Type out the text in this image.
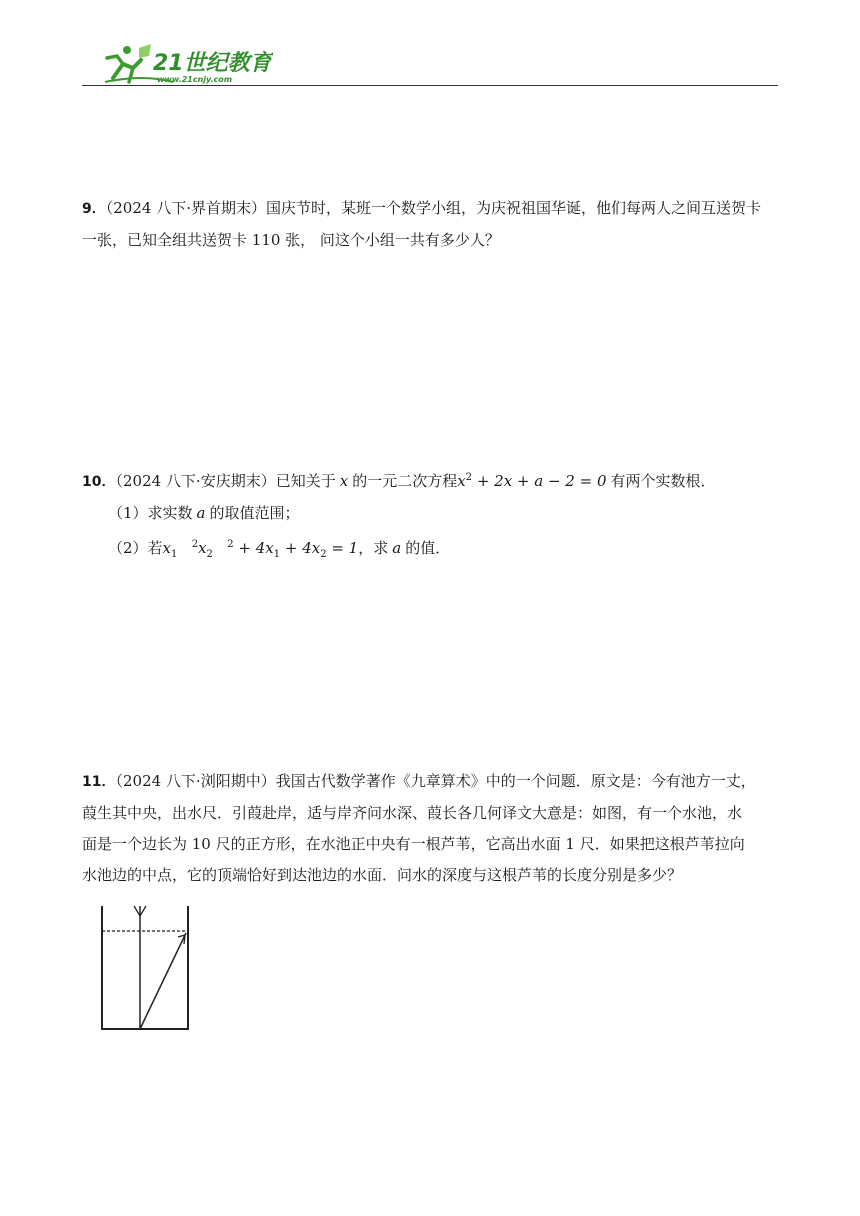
21世纪教育
www.21cnjy.com

9．（2024 八下·界首期末）国庆节时，某班一个数学小组，为庆祝祖国华诞，他们每两人之间互送贺卡

一张，已知全组共送贺卡 110 张， 问这个小组一共有多少人？

10．（2024 八下·安庆期末）已知关于 x 的一元二次方程$x^2 + 2x + a - 2 = 0$ 有两个实数根．

（1）求实数 a 的取值范围；

（2）若$x_1$   $^2x_2$   $^2 + 4x_1 + 4x_2 = 1$，求 a 的值．

11．（2024 八下·浏阳期中）我国古代数学著作《九章算术》中的一个问题．原文是：今有池方一丈，

葭生其中央，出水尺．引葭赴岸，适与岸齐问水深、葭长各几何译文大意是：如图，有一个水池，水

面是一个边长为 10 尺的正方形，在水池正中央有一根芦苇，它高出水面 1 尺．如果把这根芦苇拉向

水池边的中点，它的顶端恰好到达池边的水面．问水的深度与这根芦苇的长度分别是多少？
